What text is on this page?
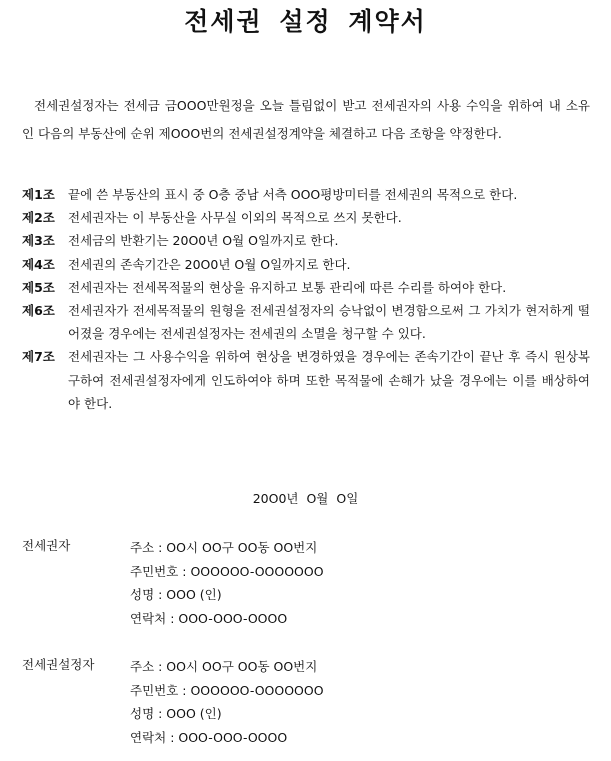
전세권 설정 계약서

전세권설정자는 전세금 금OOO만원정을 오늘 틀림없이 받고 전세권자의 사용 수익을 위하여 내 소유인 다음의 부동산에 순위 제OOO번의 전세권설정계약을 체결하고 다음 조항을 약정한다.

제1조 끝에 쓴 부동산의 표시 중 O층 중남 서측 OOO평방미터를 전세권의 목적으로 한다.
제2조 전세권자는 이 부동산을 사무실 이외의 목적으로 쓰지 못한다.
제3조 전세금의 반환기는 20O0년 O월 O일까지로 한다.
제4조 전세권의 존속기간은 20O0년 O월 O일까지로 한다.
제5조 전세권자는 전세목적물의 현상을 유지하고 보통 관리에 따른 수리를 하여야 한다.
제6조 전세권자가 전세목적물의 원형을 전세권설정자의 승낙없이 변경함으로써 그 가치가 현저하게 떨어졌을 경우에는 전세권설정자는 전세권의 소멸을 청구할 수 있다.
제7조 전세권자는 그 사용수익을 위하여 현상을 변경하였을 경우에는 존속기간이 끝난 후 즉시 원상복구하여 전세권설정자에게 인도하여야 하며 또한 목적물에 손해가 났을 경우에는 이를 배상하여야 한다.
20O0년 O월 O일
전세권자	주소 : OO시 OO구 OO동 OO번지
주민번호 : OOOOOO-OOOOOOO
성명 : OOO (인)
연락처 : OOO-OOO-OOOO
전세권설정자	주소 : OO시 OO구 OO동 OO번지
주민번호 : OOOOOO-OOOOOOO
성명 : OOO (인)
연락처 : OOO-OOO-OOOO
